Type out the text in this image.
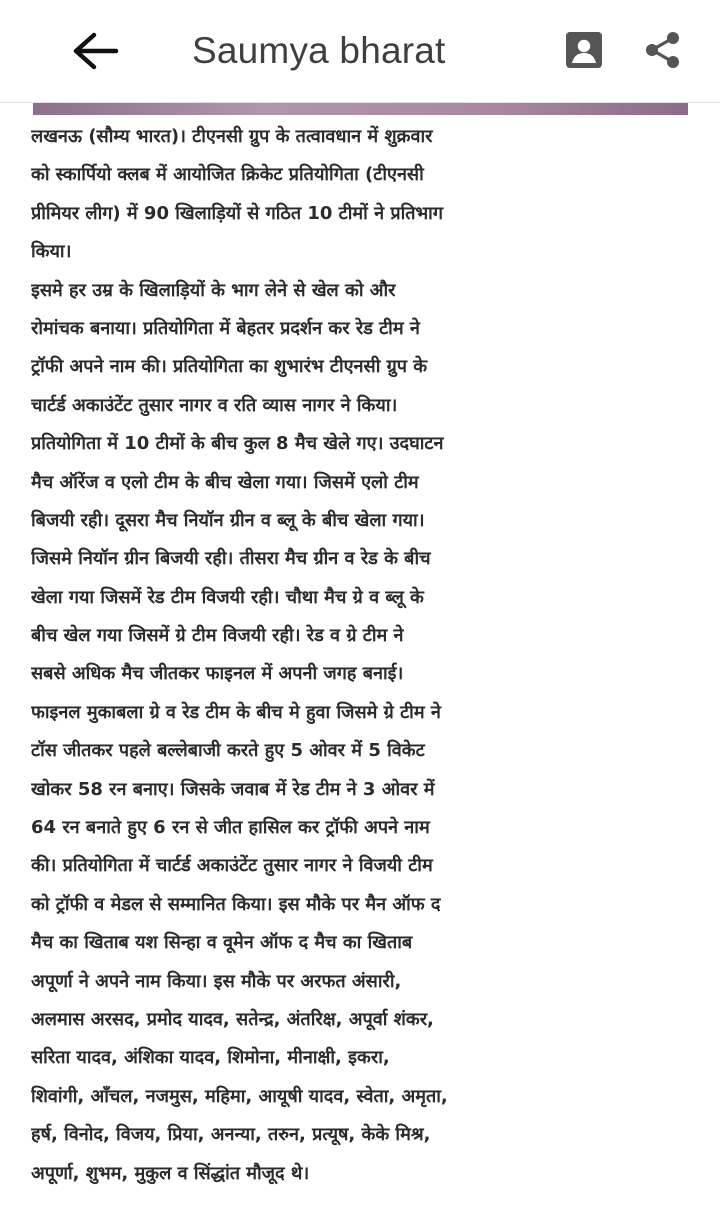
Saumya bharat
लखनऊ (सौम्य भारत)। टीएनसी ग्रुप के तत्वावधान में शुक्रवार
को स्कार्पियो क्लब में आयोजित क्रिकेट प्रतियोगिता (टीएनसी
प्रीमियर लीग) में 90 खिलाड़ियों से गठित 10 टीमों ने प्रतिभाग
किया।
इसमे हर उम्र के खिलाड़ियों के भाग लेने से खेल को और
रोमांचक बनाया। प्रतियोगिता में बेहतर प्रदर्शन कर रेड टीम ने
ट्रॉफी अपने नाम की। प्रतियोगिता का शुभारंभ टीएनसी ग्रुप के
चार्टर्ड अकाउंटेंट तुसार नागर व रति व्यास नागर ने किया।
प्रतियोगिता में 10 टीमों के बीच कुल 8 मैच खेले गए। उदघाटन
मैच ऑरेंज व एलो टीम के बीच खेला गया। जिसमें एलो टीम
बिजयी रही। दूसरा मैच नियॉन ग्रीन व ब्लू के बीच खेला गया।
जिसमे नियॉन ग्रीन बिजयी रही। तीसरा मैच ग्रीन व रेड के बीच
खेला गया जिसमें रेड टीम विजयी रही। चौथा मैच ग्रे व ब्लू के
बीच खेल गया जिसमें ग्रे टीम विजयी रही। रेड व ग्रे टीम ने
सबसे अधिक मैच जीतकर फाइनल में अपनी जगह बनाई।
फाइनल मुकाबला ग्रे व रेड टीम के बीच मे हुवा जिसमे ग्रे टीम ने
टॉस जीतकर पहले बल्लेबाजी करते हुए 5 ओवर में 5 विकेट
खोकर 58 रन बनाए। जिसके जवाब में रेड टीम ने 3 ओवर में
64 रन बनाते हुए 6 रन से जीत हासिल कर ट्रॉफी अपने नाम
की। प्रतियोगिता में चार्टर्ड अकाउंटेंट तुसार नागर ने विजयी टीम
को ट्रॉफी व मेडल से सम्मानित किया। इस मौके पर मैन ऑफ द
मैच का खिताब यश सिन्हा व वूमेन ऑफ द मैच का खिताब
अपूर्णा ने अपने नाम किया। इस मौके पर अरफत अंसारी,
अलमास अरसद, प्रमोद यादव, सतेन्द्र, अंतरिक्ष, अपूर्वा शंकर,
सरिता यादव, अंशिका यादव, शिमोना, मीनाक्षी, इकरा,
शिवांगी, आँचल, नजमुस, महिमा, आयूषी यादव, स्वेता, अमृता,
हर्ष, विनोद, विजय, प्रिया, अनन्या, तरुन, प्रत्यूष, केके मिश्र,
अपूर्णा, शुभम, मुकुल व सिंद्धांत मौजूद थे।
